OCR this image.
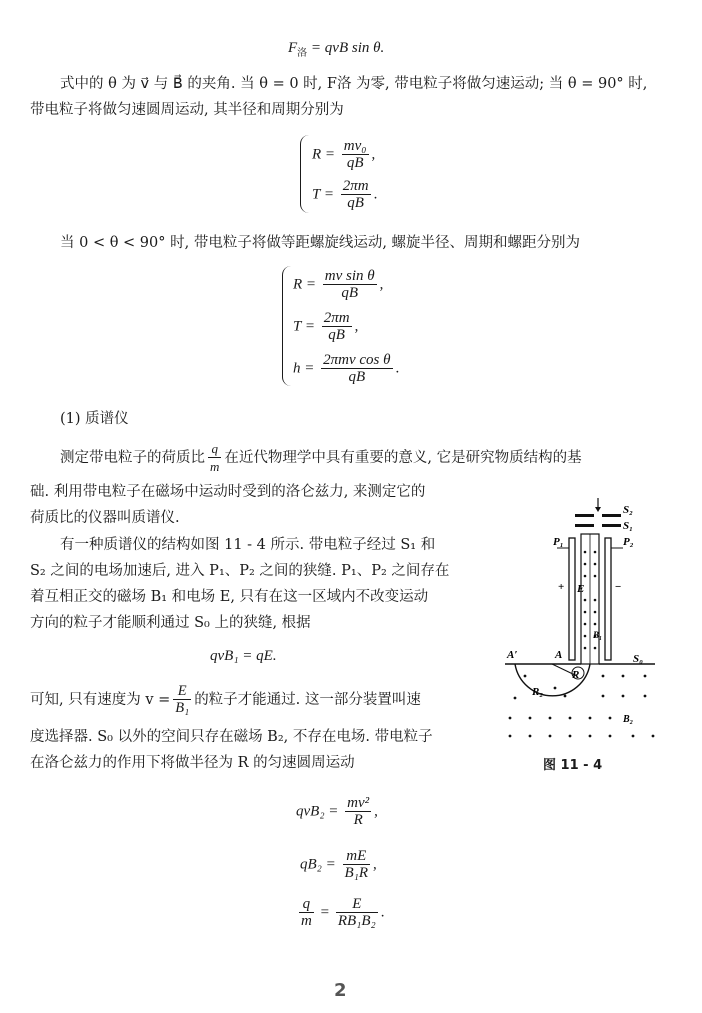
$F_洛$ = qvB sin θ.
式中的 θ 为 v⃗ 与 B⃗ 的夹角. 当 θ = 0 时, F洛 为零, 带电粒子将做匀速运动; 当 θ = 90° 时,
带电粒子将做匀速圆周运动, 其半径和周期分别为
$R = \frac{\text{mv₀}}{qB}$ ,
$T = \frac{2\pi m}{qB}$ .
当 0 < θ < 90° 时, 带电粒子将做等距螺旋线运动, 螺旋半径、周期和螺距分别为
$R = \frac{\text{mv sin θ}}{qB}$ ,
$T = \frac{2\pi m}{qB}$ ,
$h = \frac{\text{2πmv cos θ}}{qB}$ .
(1) 质谱仪
测定带电粒子的荷质比 $\frac{q}{m}$ 在近代物理学中具有重要的意义, 它是研究物质结构的基
础. 利用带电粒子在磁场中运动时受到的洛仑兹力, 来测定它的
荷质比的仪器叫质谱仪.
有一种质谱仪的结构如图 11 - 4 所示. 带电粒子经过 S₁ 和
S₂ 之间的电场加速后, 进入 P₁、P₂ 之间的狭缝. P₁、P₂ 之间存在
着互相正交的磁场 B₁ 和电场 E, 只有在这一区域内不改变运动
方向的粒子才能顺利通过 S₀ 上的狭缝, 根据
qvB₁ = qE.
可知, 只有速度为 $v = \frac{E}{\text{B₁}}$ 的粒子才能通过. 这一部分装置叫速
度选择器. S₀ 以外的空间只存在磁场 B₂, 不存在电场. 带电粒子
在洛仑兹力的作用下将做半径为 R 的匀速圆周运动
$qvB_2 = \frac{\text{mv²}}{R}$ ,
$qB_2 = \frac{mE}{\text{B₁R}}$ ,
$\frac{q}{m} = \frac{E}{\text{RB₁B₂}}$ .
S₂
S₁
P₁	P₂
+	−
E
B₁
A′	A	S₀
R
R₂
B₂
图 11 - 4
2
